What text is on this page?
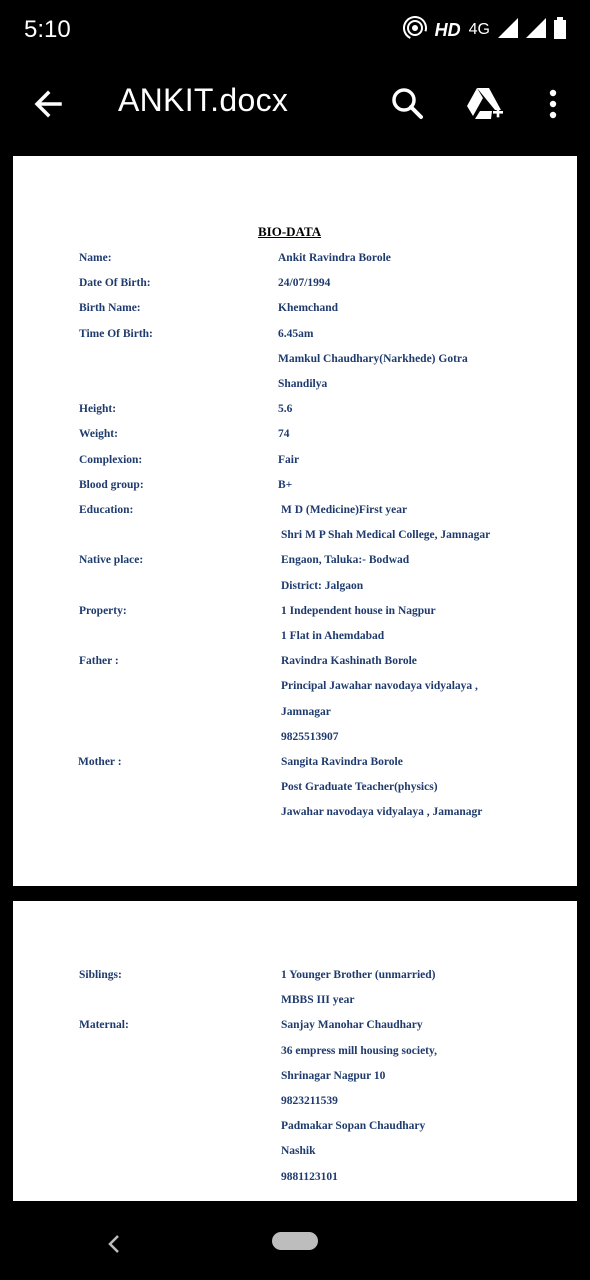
5:10	HD 4G
ANKIT.docx
BIO-DATA
Name:	Ankit Ravindra Borole
Date Of Birth:	24/07/1994
Birth Name:	Khemchand
Time Of Birth:	6.45am
Mamkul Chaudhary(Narkhede) Gotra
Shandilya
Height:	5.6
Weight:	74
Complexion:	Fair
Blood group:	B+
Education:	M D (Medicine)First year
Shri M P Shah Medical College, Jamnagar
Native place:	Engaon, Taluka:- Bodwad
District: Jalgaon
Property:	1 Independent house in Nagpur
1 Flat in Ahemdabad
Father :	Ravindra Kashinath Borole
Principal Jawahar navodaya vidyalaya ,
Jamnagar
9825513907
Mother :	Sangita Ravindra Borole
Post Graduate Teacher(physics)
Jawahar navodaya vidyalaya , Jamanagr
Siblings:	1 Younger Brother (unmarried)
MBBS III year
Maternal:	Sanjay Manohar Chaudhary
36 empress mill housing society,
Shrinagar Nagpur 10
9823211539
Padmakar Sopan Chaudhary
Nashik
9881123101
